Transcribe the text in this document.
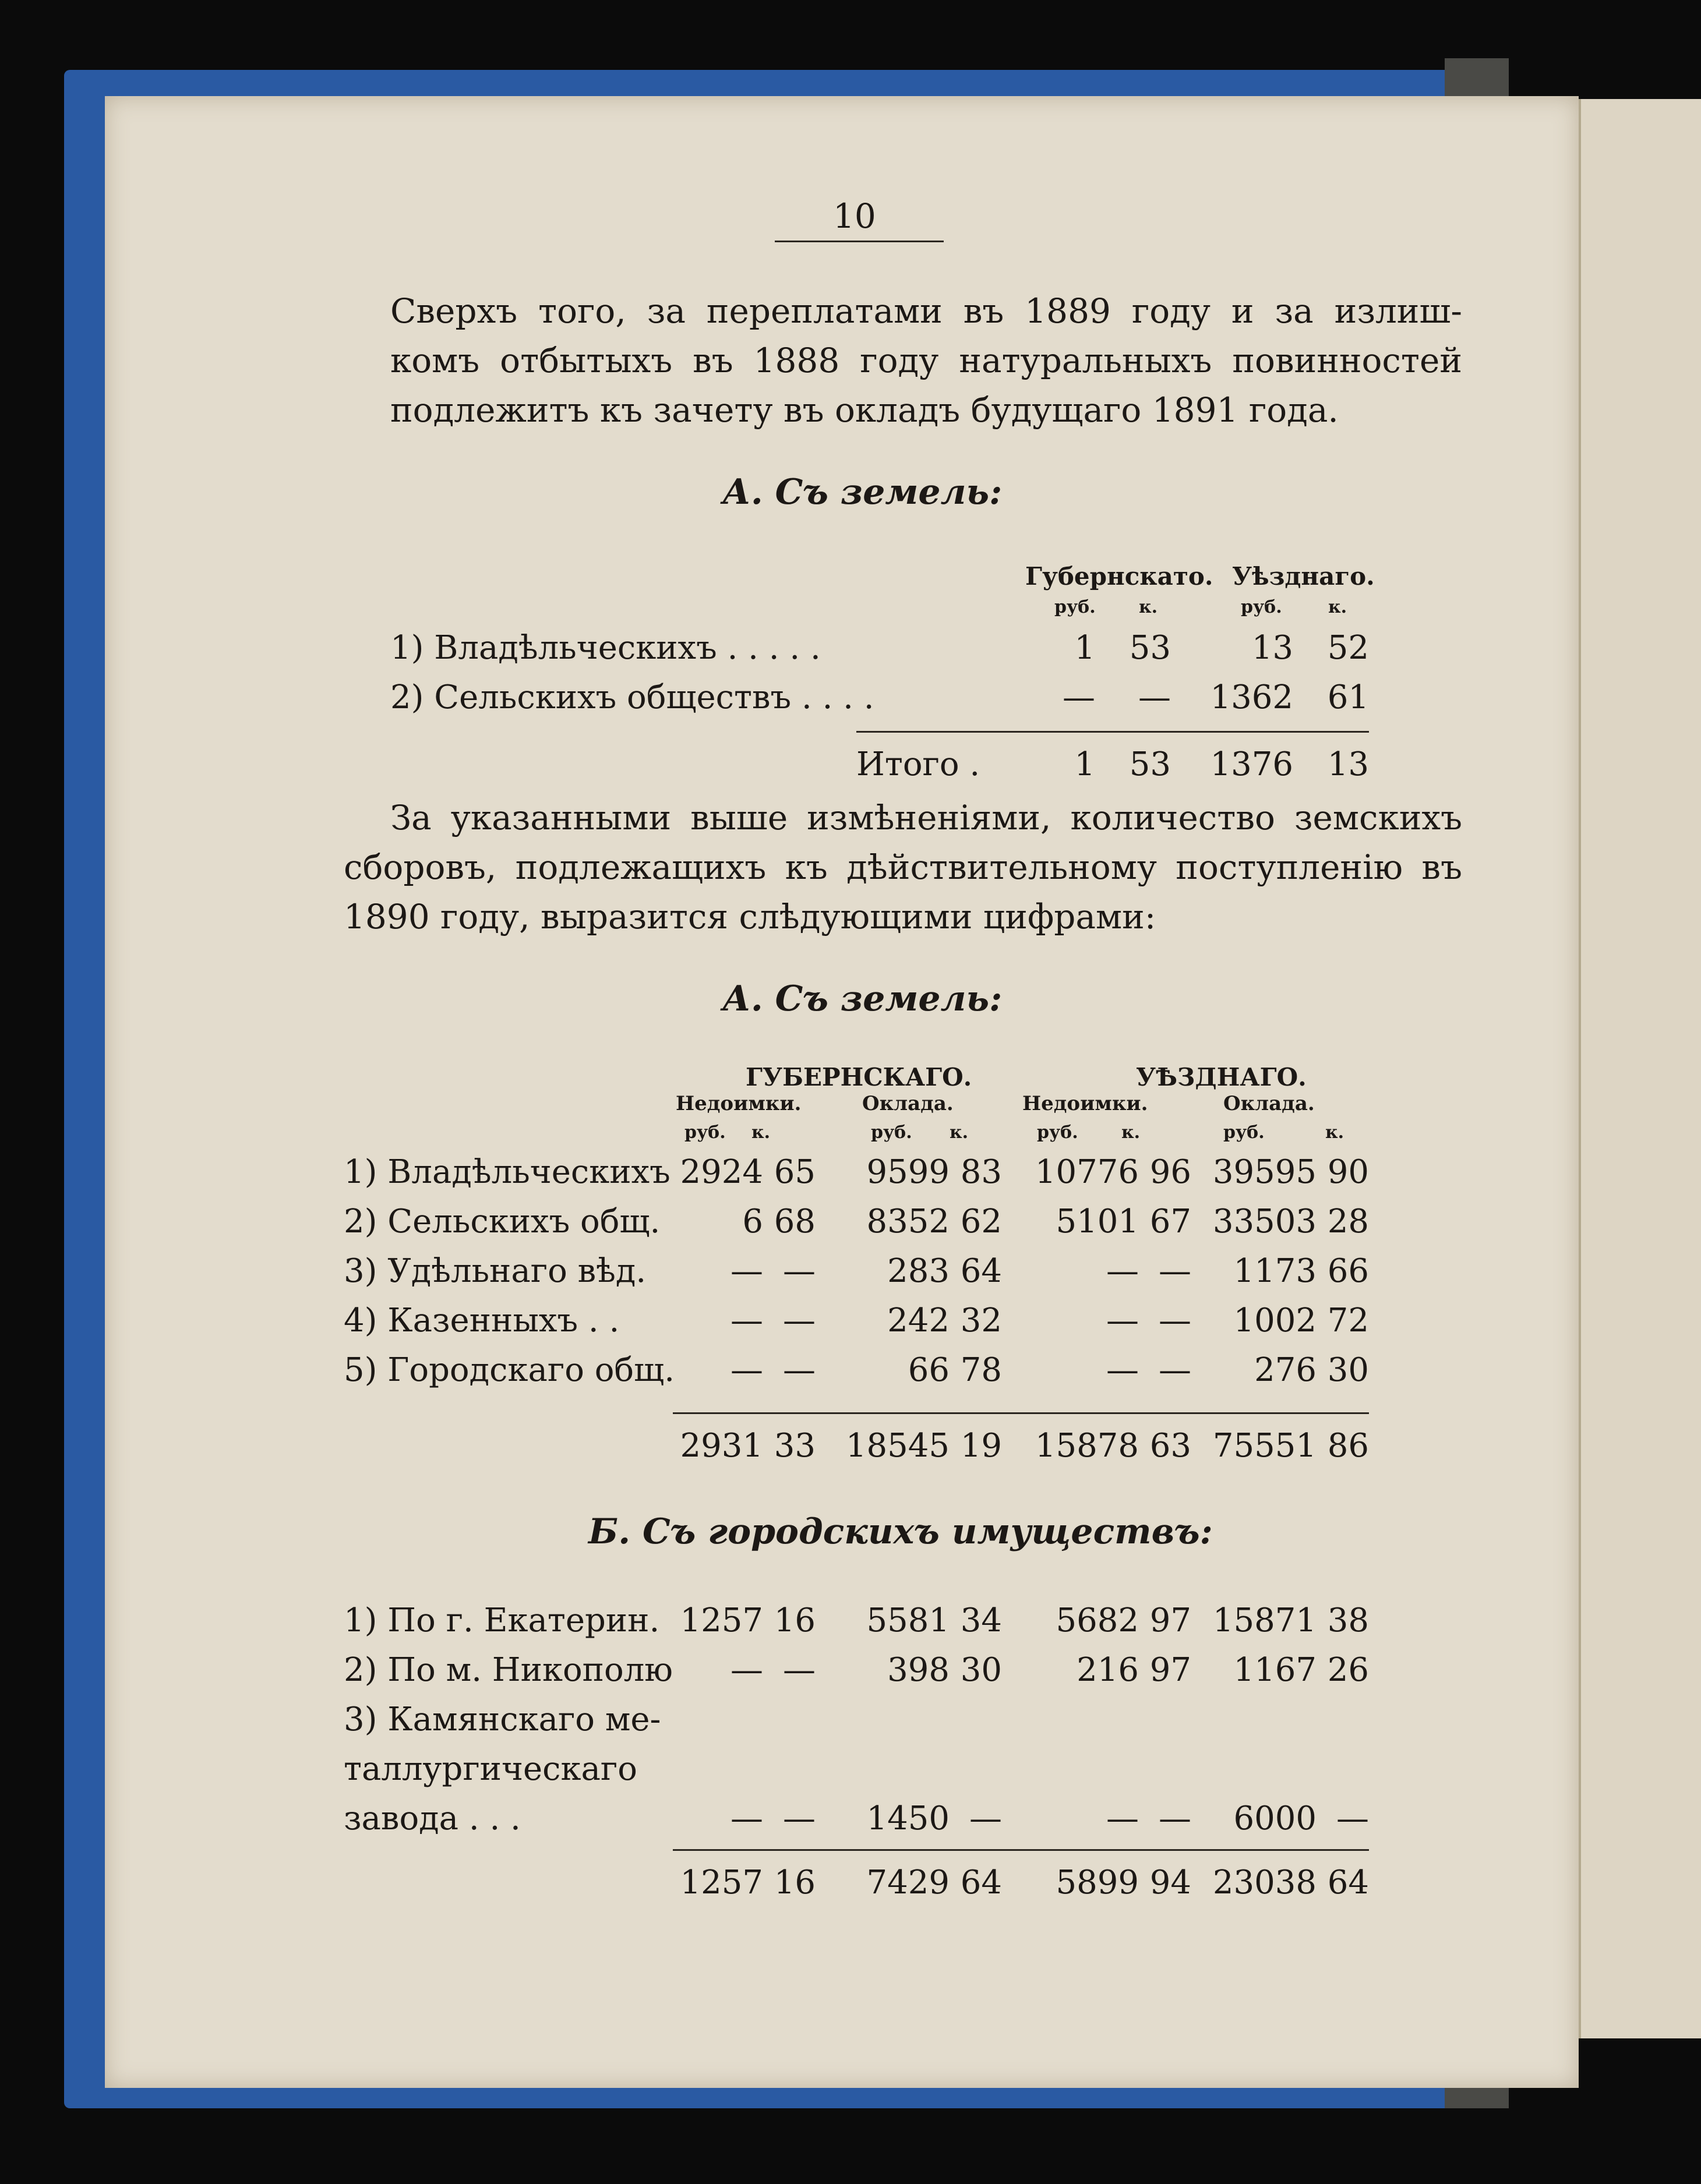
10
Сверхъ того, за переплатами въ 1889 году и за излиш-
комъ отбытыхъ въ 1888 году натуральныхъ повинностей
подлежитъ къ зачету въ окладъ будущаго 1891 года.
А. Съ земель:
Губернскато. Уѣзднаго.
руб. к.	руб.	к.
1) Владѣльческихъ . . . . .	1	53	13	52
2) Сельскихъ обществъ . . . .	—	—	1362	61
Итого .	1	53	1376	13
За указанными выше измѣненіями, количество земскихъ
сборовъ, подлежащихъ къ дѣйствительному поступленію въ
1890 году, выразится слѣдующими цифрами:
А. Съ земель:
ГУБЕРНСКАГО.	УѢЗДНАГО.
Недоимки.	Оклада.	Недоимки.	Оклада.
руб. к.	руб. к.	руб. к.	руб.	к.
1) Владѣльческихъ 2924 65	9599 83	10776 96 39595 90
2) Сельскихъ общ.	6 68	8352 62	5101 67 33503 28
3) Удѣльнаго вѣд.	— —	283 64	— —	1173 66
4) Казенныхъ . .	— —	242 32	— —	1002 72
5) Городскаго общ.	— —	66 78	— —	276 30
2931 33 18545 19	15878 63 75551 86
Б. Съ городскихъ имуществъ:
1) По г. Екатерин. 1257 16	5581 34	5682 97 15871 38
2) По м. Никополю	— —	398 30	216 97	1167 26
3) Камянскаго ме-
таллургическаго
завода . . .	— —	1450 —	— —	6000 —
1257 16	7429 64	5899 94 23038 64
